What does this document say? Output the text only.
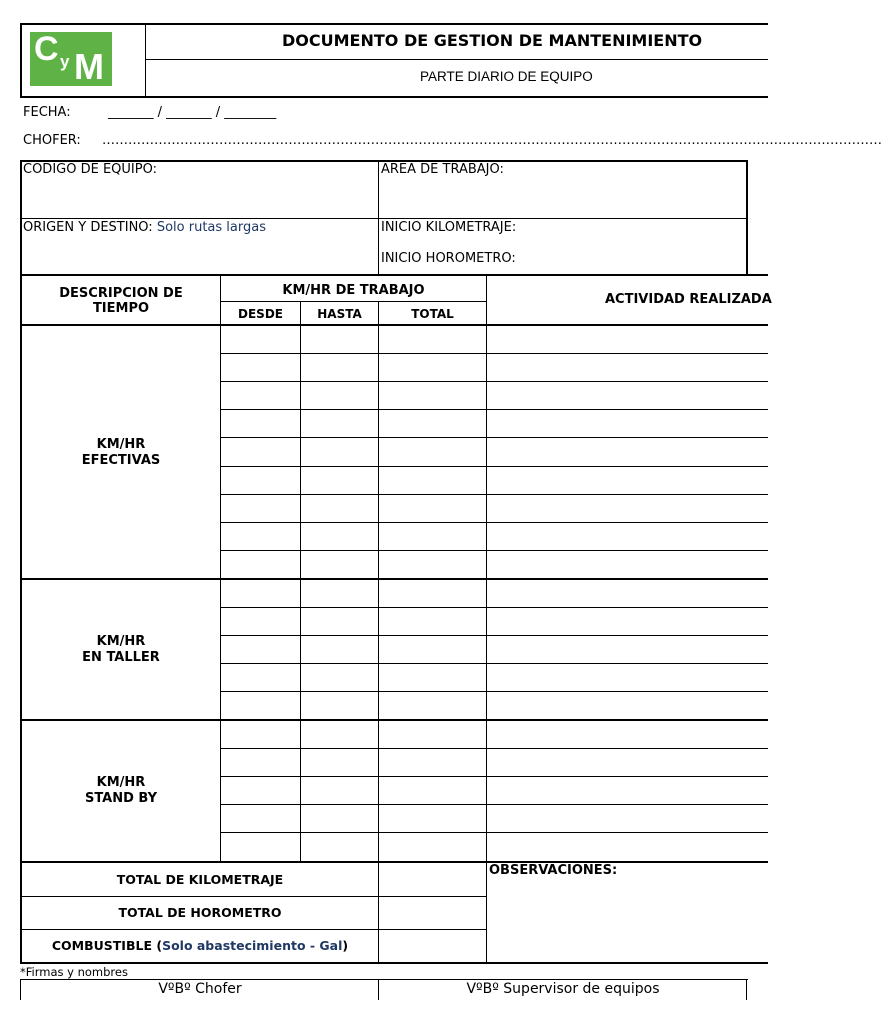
C y M
DOCUMENTO DE GESTION DE MANTENIMIENTO
PARTE DIARIO DE EQUIPO
FECHA:	_______ / _______ / ________
CHOFER: ………………………………………………………………………………………………………………………………………………………………
CODIGO DE EQUIPO:	AREA DE TRABAJO:
ORIGEN Y DESTINO: Solo rutas largas	INICIO KILOMETRAJE:
INICIO HOROMETRO:
DESCRIPCION DE
TIEMPO
KM/HR DE TRABAJO
DESDE	HASTA	TOTAL
ACTIVIDAD REALIZADA
KM/HR
EFECTIVAS
KM/HR
EN TALLER
KM/HR
STAND BY
TOTAL DE KILOMETRAJE
TOTAL DE HOROMETRO
COMBUSTIBLE (Solo abastecimiento - Gal)
OBSERVACIONES:
*Firmas y nombres
VºBº Chofer	VºBº Supervisor de equipos
